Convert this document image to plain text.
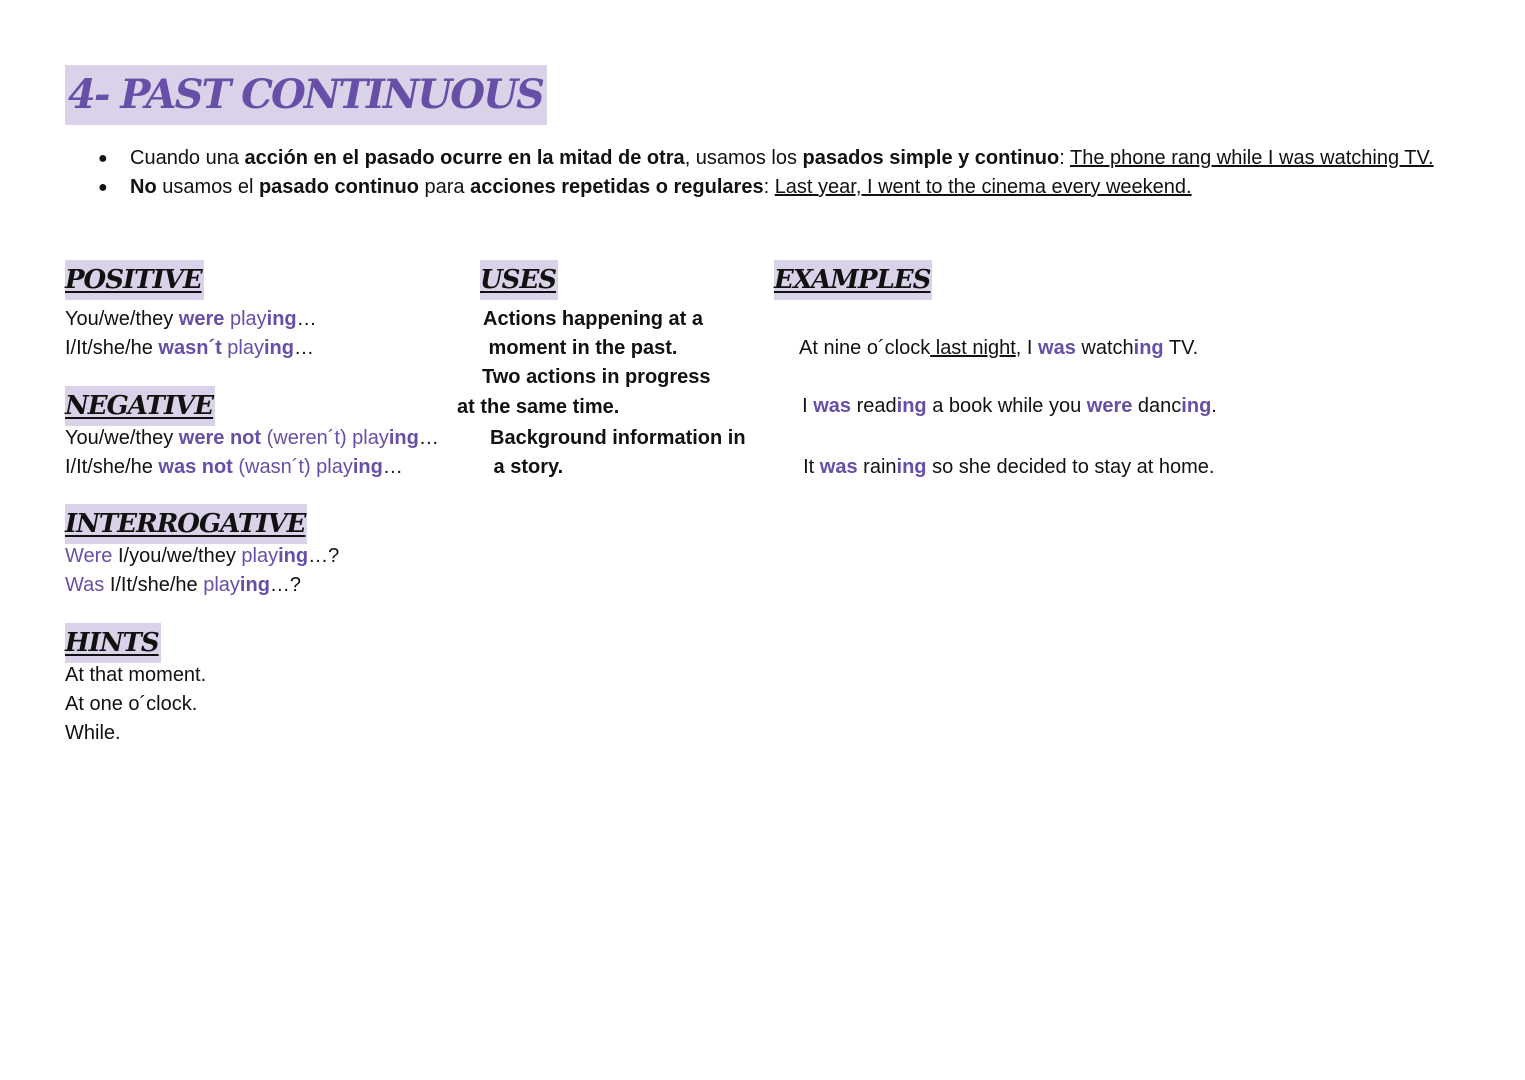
4- PAST CONTINUOUS
● Cuando una acción en el pasado ocurre en la mitad de otra, usamos los pasados simple y continuo: The phone rang while I was watching TV.
● No usamos el pasado continuo para acciones repetidas o regulares: Last year, I went to the cinema every weekend.
POSITIVE
You/we/they were playing…
I/It/she/he wasn´t playing…
NEGATIVE
You/we/they were not (weren´t) playing…
I/It/she/he was not (wasn´t) playing…
INTERROGATIVE
Were I/you/we/they playing…?
Was I/It/she/he playing…?
HINTS
At that moment.
At one o´clock.
While.
USES
Actions happening at a
moment in the past.
Two actions in progress
at the same time.
Background information in
a story.
EXAMPLES

At nine o´clock last night, I was watching TV.

I was reading a book while you were dancing.

It was raining so she decided to stay at home.
